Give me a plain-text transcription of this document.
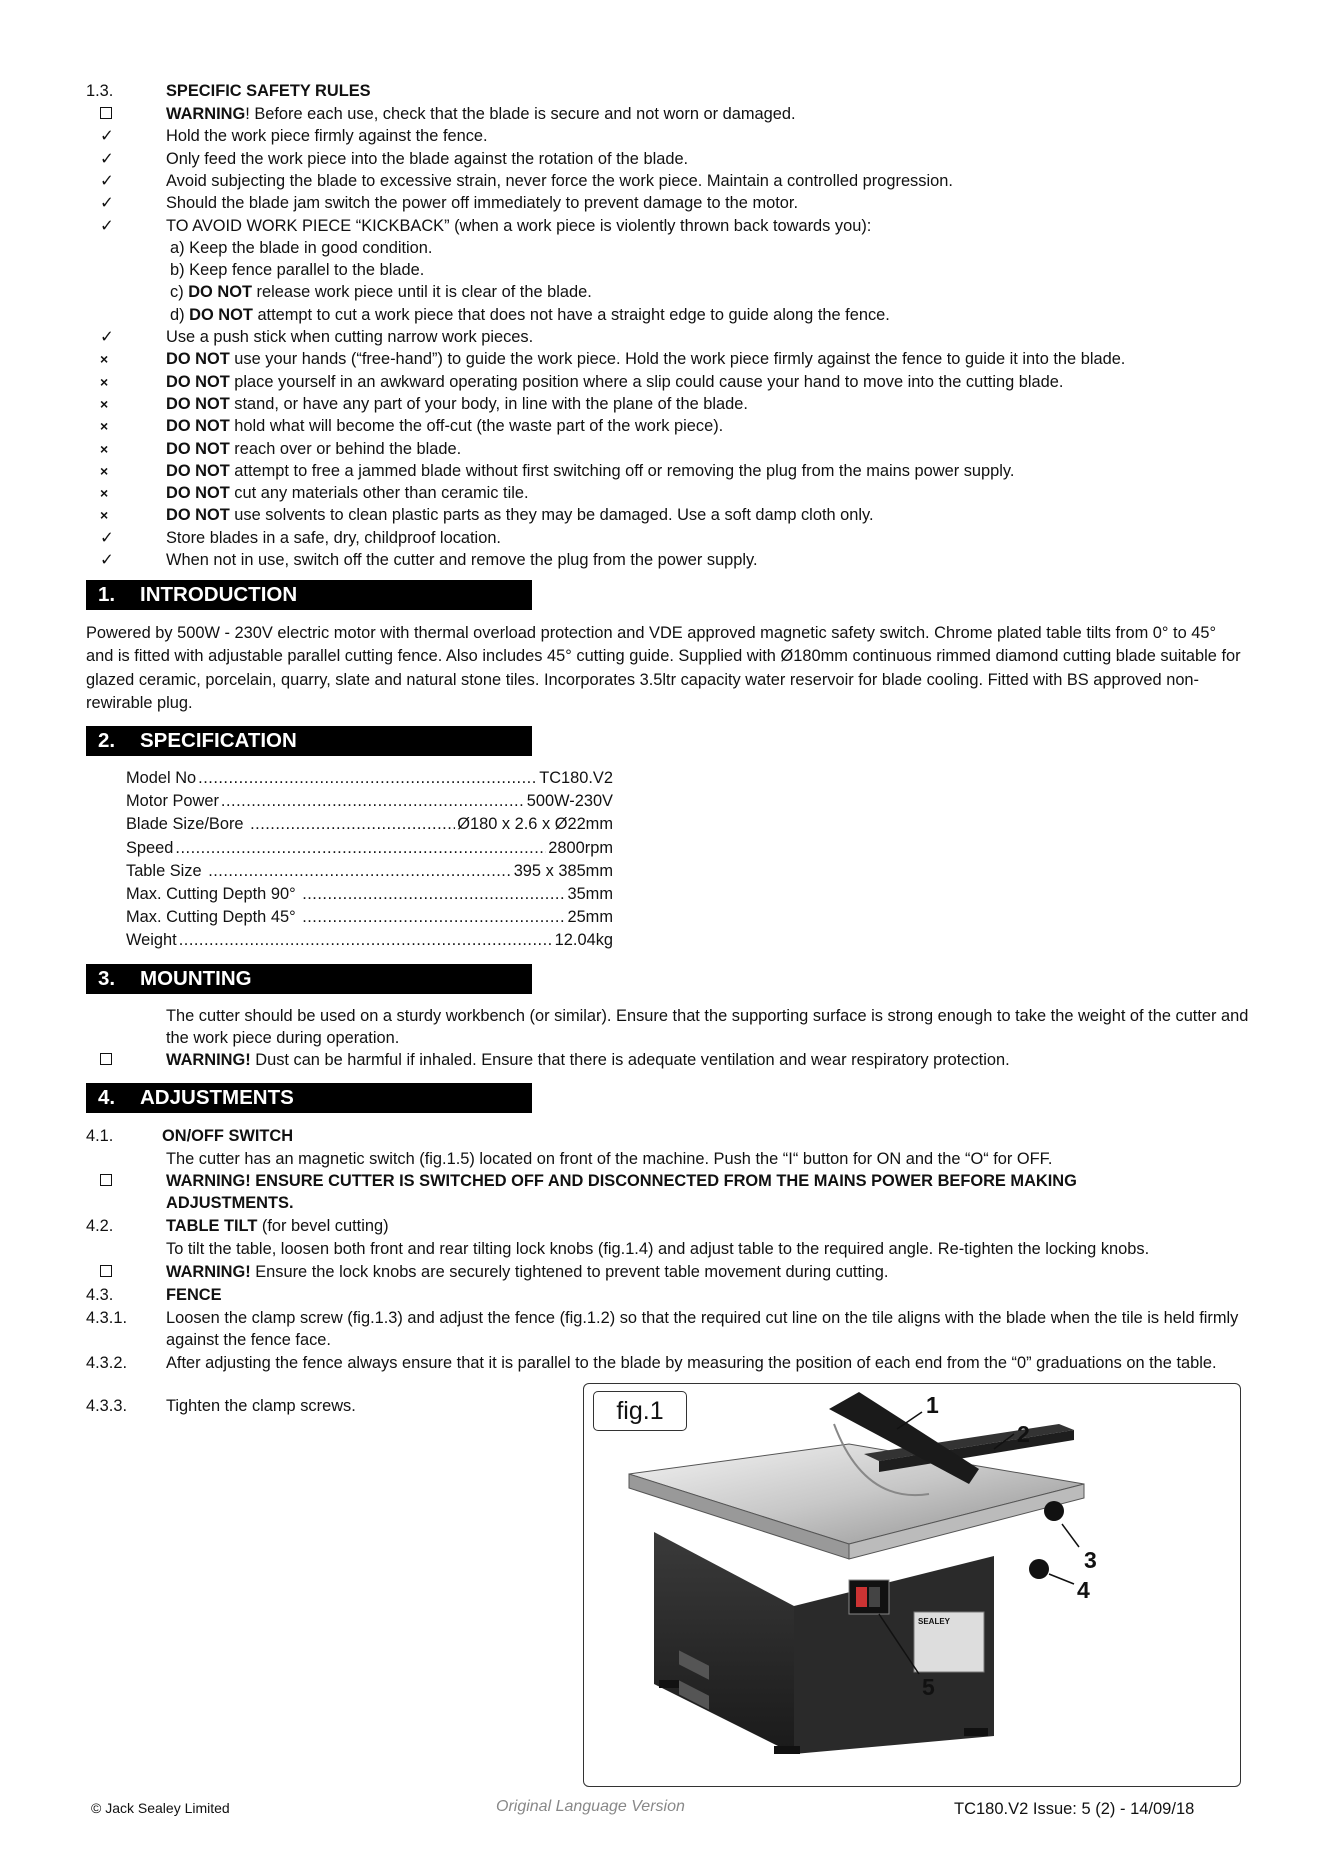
1.3.	SPECIFIC SAFETY RULES
WARNING! Before each use, check that the blade is secure and not worn or damaged.
✓	Hold the work piece firmly against the fence.
✓	Only feed the work piece into the blade against the rotation of the blade.
✓	Avoid subjecting the blade to excessive strain, never force the work piece. Maintain a controlled progression.
✓	Should the blade jam switch the power off immediately to prevent damage to the motor.
✓	TO AVOID WORK PIECE “KICKBACK” (when a work piece is violently thrown back towards you):
a) Keep the blade in good condition.
b) Keep fence parallel to the blade.
c) DO NOT release work piece until it is clear of the blade.
d) DO NOT attempt to cut a work piece that does not have a straight edge to guide along the fence.
✓	Use a push stick when cutting narrow work pieces.
×	DO NOT use your hands (“free-hand”) to guide the work piece. Hold the work piece firmly against the fence to guide it into the blade.
×	DO NOT place yourself in an awkward operating position where a slip could cause your hand to move into the cutting blade.
×	DO NOT stand, or have any part of your body, in line with the plane of the blade.
×	DO NOT hold what will become the off-cut (the waste part of the work piece).
×	DO NOT reach over or behind the blade.
×	DO NOT attempt to free a jammed blade without first switching off or removing the plug from the mains power supply.
×	DO NOT cut any materials other than ceramic tile.
×	DO NOT use solvents to clean plastic parts as they may be damaged. Use a soft damp cloth only.
✓	Store blades in a safe, dry, childproof location.
✓	When not in use, switch off the cutter and remove the plug from the power supply.
1. INTRODUCTION
Powered by 500W - 230V electric motor with thermal overload protection and VDE approved magnetic safety switch. Chrome plated table tilts from 0° to 45° and is fitted with adjustable parallel cutting fence. Also includes 45° cutting guide. Supplied with Ø180mm continuous rimmed diamond cutting blade suitable for glazed ceramic, porcelain, quarry, slate and natural stone tiles. Incorporates 3.5ltr capacity water reservoir for blade cooling. Fitted with BS approved non-rewirable plug.
2. SPECIFICATION
Model No .....	TC180.V2
Motor Power .....	500W-230V
Blade Size/Bore .....	Ø180 x 2.6 x Ø22mm
Speed .....	2800rpm
Table Size .....	395 x 385mm
Max. Cutting Depth 90° .....	35mm
Max. Cutting Depth 45° .....	25mm
Weight .....	12.04kg
3. MOUNTING
The cutter should be used on a sturdy workbench (or similar). Ensure that the supporting surface is strong enough to take the weight of the cutter and the work piece during operation.
WARNING! Dust can be harmful if inhaled. Ensure that there is adequate ventilation and wear respiratory protection.
4. ADJUSTMENTS
4.1.	ON/OFF SWITCH
The cutter has an magnetic switch (fig.1.5) located on front of the machine. Push the “I“ button for ON and the “O“ for OFF.
WARNING! ENSURE CUTTER IS SWITCHED OFF AND DISCONNECTED FROM THE MAINS POWER BEFORE MAKING
ADJUSTMENTS.
4.2.	TABLE TILT (for bevel cutting)
To tilt the table, loosen both front and rear tilting lock knobs (fig.1.4) and adjust table to the required angle. Re-tighten the locking knobs.
WARNING! Ensure the lock knobs are securely tightened to prevent table movement during cutting.
4.3.	FENCE
4.3.1.	Loosen the clamp screw (fig.1.3) and adjust the fence (fig.1.2) so that the required cut line on the tile aligns with the blade when the tile is held firmly against the fence face.
4.3.2.	After adjusting the fence always ensure that it is parallel to the blade by measuring the position of each end from the “0” graduations on the table.
4.3.3.	Tighten the clamp screws.	fig.1
SEALEY
1
2
3
4
5
© Jack Sealey Limited	Original Language Version	TC180.V2 Issue: 5 (2) - 14/09/18
